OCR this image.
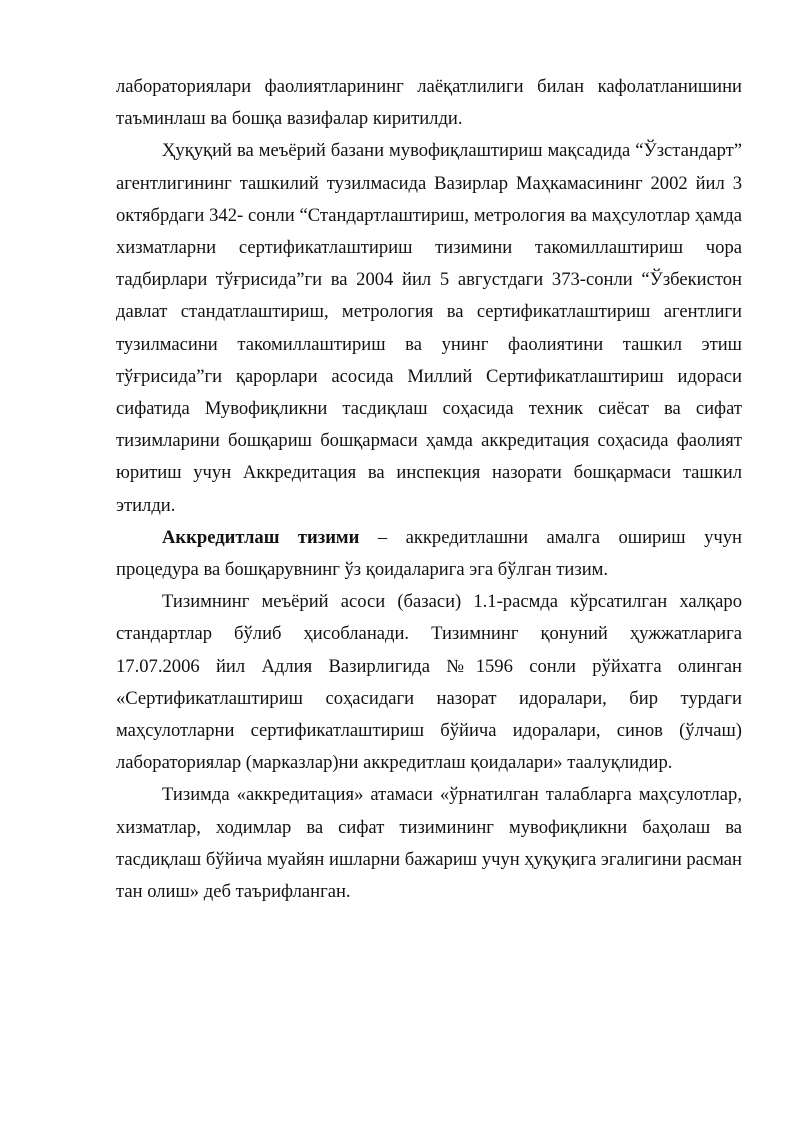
лабораториялари фаолиятларининг лаёқатлилиги билан кафолатланишини таъминлаш ва бошқа вазифалар киритилди.

Ҳуқуқий ва меъёрий базани мувофиқлаштириш мақсадида “Ўзстандарт” агентлигининг ташкилий тузилмасида Вазирлар Маҳкамасининг 2002 йил 3 октябрдаги 342- сонли “Стандартлаштириш, метрология ва маҳсулотлар ҳамда хизматларни сертификатлаштириш тизимини такомиллаштириш чора тадбирлари тўғрисида”ги ва 2004 йил 5 августдаги 373-сонли “Ўзбекистон давлат стандатлаштириш, метрология ва сертификатлаштириш агентлиги тузилмасини такомиллаштириш ва унинг фаолиятини ташкил этиш тўғрисида”ги қарорлари асосида Миллий Сертификатлаштириш идораси сифатида Мувофиқликни тасдиқлаш соҳасида техник сиёсат ва сифат тизимларини бошқариш бошқармаси ҳамда аккредитация соҳасида фаолият юритиш учун Аккредитация ва инспекция назорати бошқармаси ташкил этилди.

Аккредитлаш тизими – аккредитлашни амалга ошириш учун процедура ва бошқарувнинг ўз қоидаларига эга бўлган тизим.

Тизимнинг меъёрий асоси (базаси) 1.1-расмда кўрсатилган халқаро стандартлар бўлиб ҳисобланади. Тизимнинг қонуний ҳужжатларига 17.07.2006 йил Адлия Вазирлигида №1596 сонли рўйхатга олинган «Сертификатлаштириш соҳасидаги назорат идоралари, бир турдаги маҳсулотларни сертификатлаштириш бўйича идоралари, синов (ўлчаш) лабораториялар (марказлар)ни аккредитлаш қоидалари» таалуқлидир.

Тизимда «аккредитация» атамаси «ўрнатилган талабларга маҳсулотлар, хизматлар, ходимлар ва сифат тизимининг мувофиқликни баҳолаш ва тасдиқлаш бўйича муайян ишларни бажариш учун ҳуқуқига эгалигини расман тан олиш» деб таърифланган.
